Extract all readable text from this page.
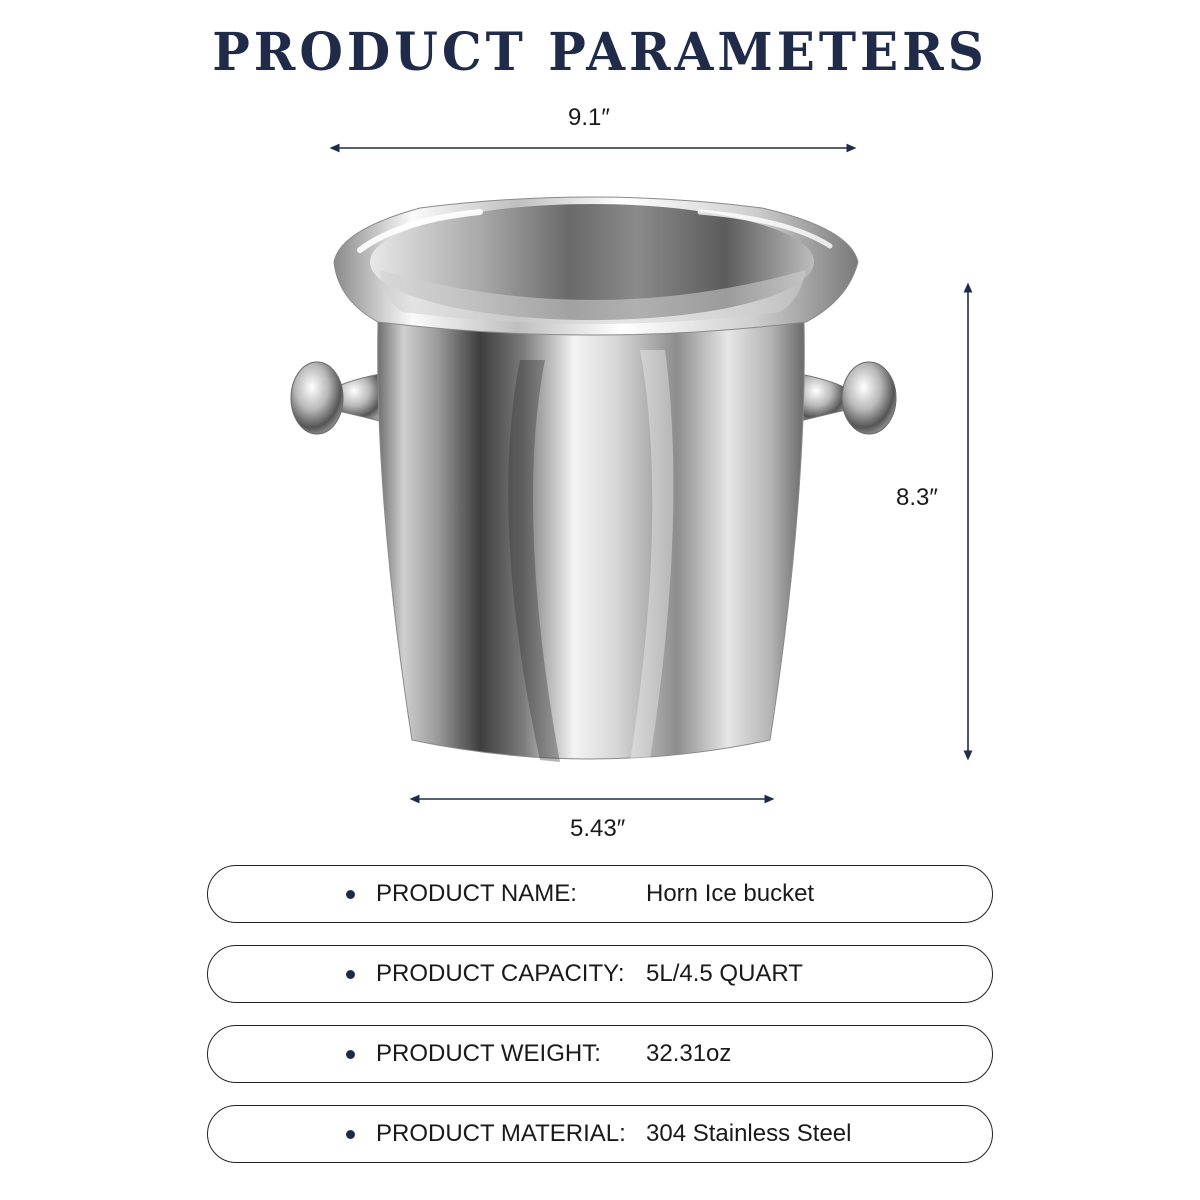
PRODUCT PARAMETERS
9.1″
8.3″
5.43″
PRODUCT NAME:	Horn Ice bucket
PRODUCT CAPACITY: 5L/4.5 QUART
PRODUCT WEIGHT: 32.31oz
PRODUCT MATERIAL: 304 Stainless Steel
